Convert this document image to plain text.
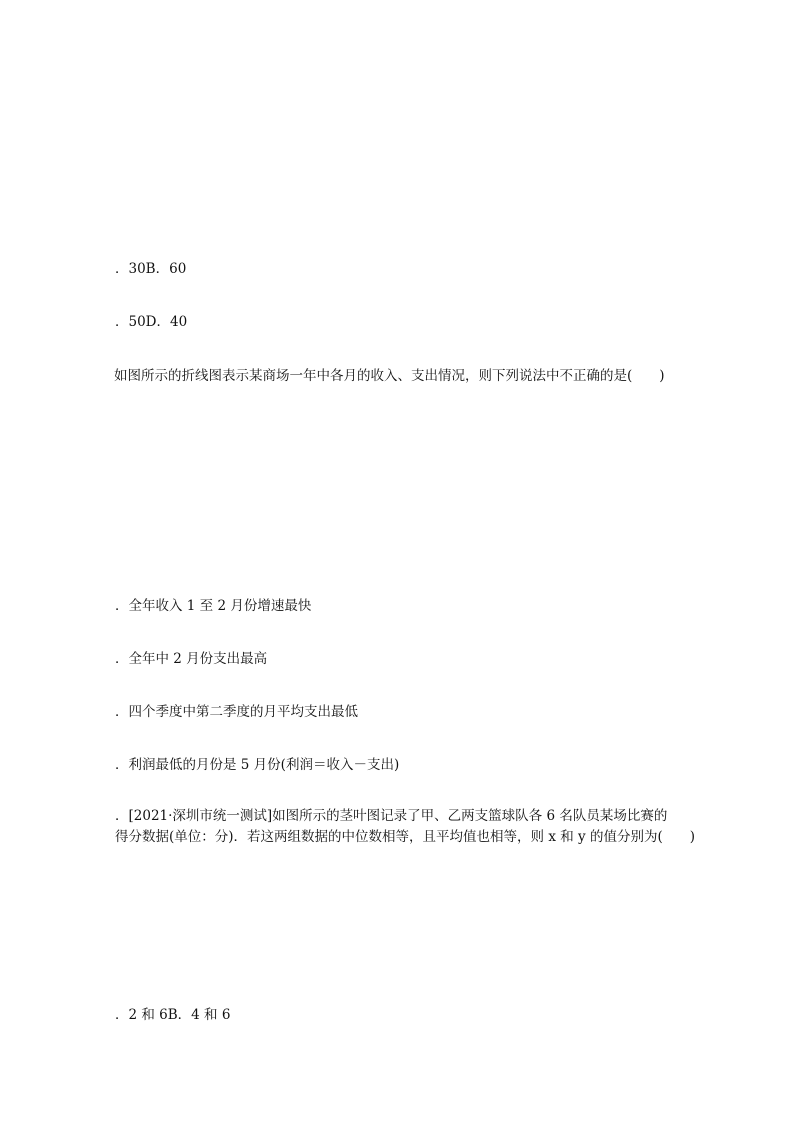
．30B．60
．50D．40
如图所示的折线图表示某商场一年中各月的收入、支出情况，则下列说法中不正确的是(　　)
．全年收入 1 至 2 月份增速最快
．全年中 2 月份支出最高
．四个季度中第二季度的月平均支出最低
．利润最低的月份是 5 月份(利润＝收入－支出)
．[2021·深圳市统一测试]如图所示的茎叶图记录了甲、乙两支篮球队各 6 名队员某场比赛的
得分数据(单位：分)．若这两组数据的中位数相等，且平均值也相等，则 x 和 y 的值分别为(　　)
．2 和 6B．4 和 6
